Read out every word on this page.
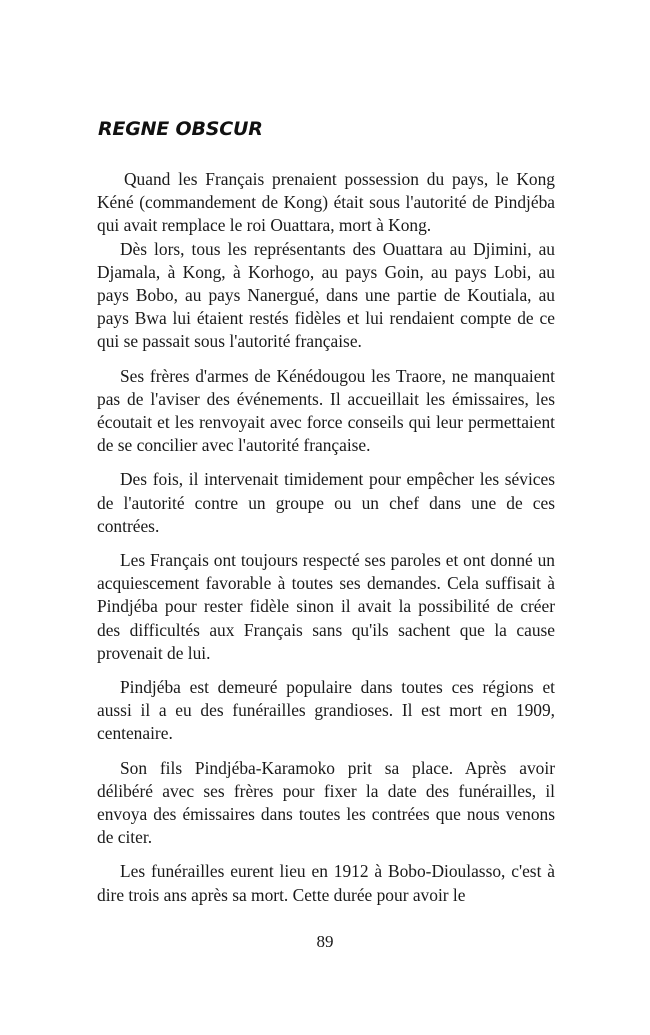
REGNE OBSCUR

Quand les Français prenaient possession du pays, le Kong Kéné (commandement de Kong) était sous l'autorité de Pindjéba qui avait remplace le roi Ouattara, mort à Kong.

Dès lors, tous les représentants des Ouattara au Djimini, au Djamala, à Kong, à Korhogo, au pays Goin, au pays Lobi, au pays Bobo, au pays Nanergué, dans une partie de Koutiala, au pays Bwa lui étaient restés fidèles et lui rendaient compte de ce qui se passait sous l'autorité française.

Ses frères d'armes de Kénédougou les Traore, ne manquaient pas de l'aviser des événements. Il accueillait les émissaires, les écoutait et les renvoyait avec force conseils qui leur permettaient de se concilier avec l'autorité française.

Des fois, il intervenait timidement pour empêcher les sévices de l'autorité contre un groupe ou un chef dans une de ces contrées.

Les Français ont toujours respecté ses paroles et ont donné un acquiescement favorable à toutes ses demandes. Cela suffisait à Pindjéba pour rester fidèle sinon il avait la possibilité de créer des difficultés aux Français sans qu'ils sachent que la cause provenait de lui.

Pindjéba est demeuré populaire dans toutes ces régions et aussi il a eu des funérailles grandioses. Il est mort en 1909, centenaire.

Son fils Pindjéba-Karamoko prit sa place. Après avoir délibéré avec ses frères pour fixer la date des funérailles, il envoya des émissaires dans toutes les contrées que nous venons de citer.

Les funérailles eurent lieu en 1912 à Bobo-Dioulasso, c'est à dire trois ans après sa mort. Cette durée pour avoir le

89
